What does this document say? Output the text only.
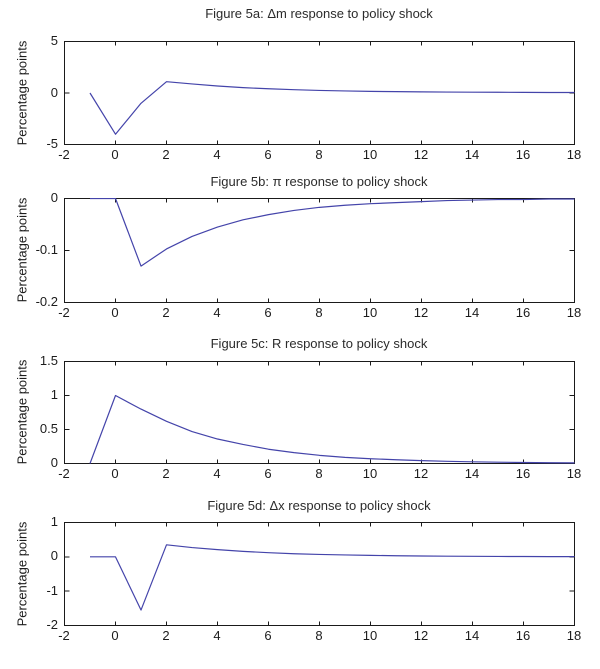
Figure 5a: Δm response to policy shock
Percentage points
-2	0	2	4	6	8	10	12	14	16	18
5
0
-5
Figure 5b: π response to policy shock
Percentage points
-2	0	2	4	6	8	10	12	14	16	18
0
-0.1
-0.2
Figure 5c: R response to policy shock
Percentage points
-2	0	2	4	6	8	10	12	14	16	18
1.5
1
0.5
0
Figure 5d: Δx response to policy shock
Percentage points
-2	0	2	4	6	8	10	12	14	16	18
1
0
-1
-2
